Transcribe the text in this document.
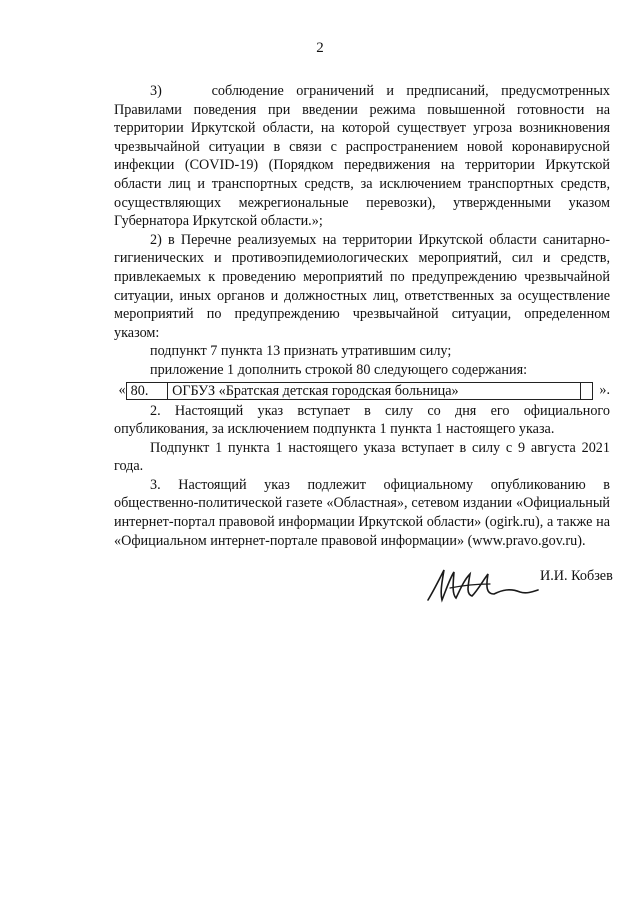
2

3)    соблюдение ограничений и предписаний, предусмотренных Правилами поведения при введении режима повышенной готовности на территории Иркутской области, на которой существует угроза возникновения чрезвычайной ситуации в связи с распространением новой коронавирусной инфекции (COVID-19) (Порядком передвижения на территории Иркутской области лиц и транспортных средств, за исключением транспортных средств, осуществляющих межрегиональные перевозки), утвержденными указом Губернатора Иркутской области.»;

2) в Перечне реализуемых на территории Иркутской области санитарно-гигиенических и противоэпидемиологических мероприятий, сил и средств, привлекаемых к проведению мероприятий по предупреждению чрезвычайной ситуации, иных органов и должностных лиц, ответственных за осуществление мероприятий по предупреждению чрезвычайной ситуации, определенном указом:

подпункт 7 пункта 13 признать утратившим силу;

приложение 1 дополнить строкой 80 следующего содержания:

« 80.	ОГБУЗ «Братская детская городская больница»		».

2. Настоящий указ вступает в силу со дня его официального опубликования, за исключением подпункта 1 пункта 1 настоящего указа.

Подпункт 1 пункта 1 настоящего указа вступает в силу с 9 августа 2021 года.

3. Настоящий указ подлежит официальному опубликованию в общественно-политической газете «Областная», сетевом издании «Официальный интернет-портал правовой информации Иркутской области» (ogirk.ru), а также на «Официальном интернет-портале правовой информации» (www.pravo.gov.ru).

И.И. Кобзев
